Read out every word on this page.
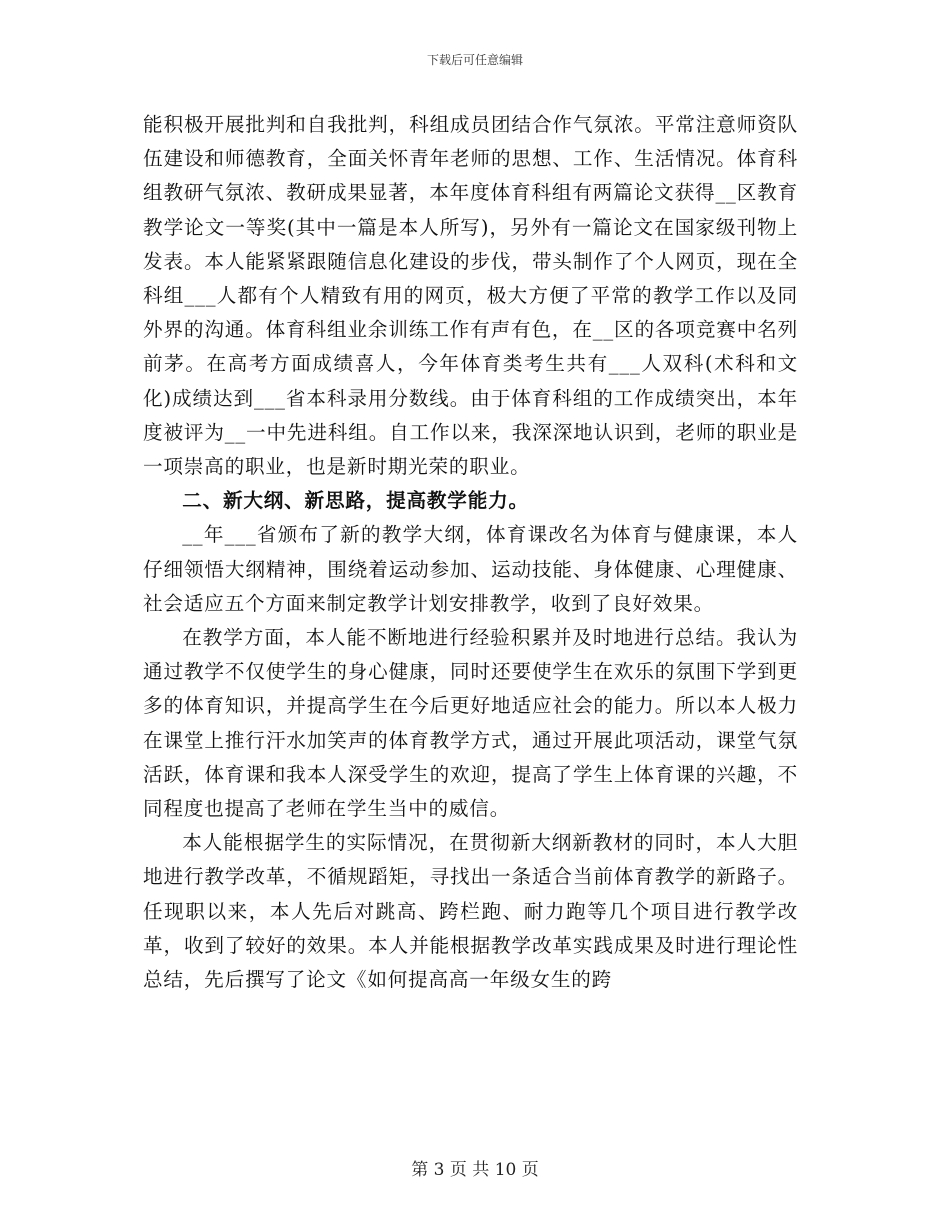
下载后可任意编辑

能积极开展批判和自我批判，科组成员团结合作气氛浓。平常注意师资队伍建设和师德教育，全面关怀青年老师的思想、工作、生活情况。体育科组教研气氛浓、教研成果显著，本年度体育科组有两篇论文获得__区教育教学论文一等奖(其中一篇是本人所写)，另外有一篇论文在国家级刊物上发表。本人能紧紧跟随信息化建设的步伐，带头制作了个人网页，现在全科组___人都有个人精致有用的网页，极大方便了平常的教学工作以及同外界的沟通。体育科组业余训练工作有声有色，在__区的各项竞赛中名列前茅。在高考方面成绩喜人，今年体育类考生共有___人双科(术科和文化)成绩达到___省本科录用分数线。由于体育科组的工作成绩突出，本年度被评为__一中先进科组。自工作以来，我深深地认识到，老师的职业是一项崇高的职业，也是新时期光荣的职业。

二、新大纲、新思路，提高教学能力。

__年___省颁布了新的教学大纲，体育课改名为体育与健康课，本人仔细领悟大纲精神，围绕着运动参加、运动技能、身体健康、心理健康、社会适应五个方面来制定教学计划安排教学，收到了良好效果。

在教学方面，本人能不断地进行经验积累并及时地进行总结。我认为通过教学不仅使学生的身心健康，同时还要使学生在欢乐的氛围下学到更多的体育知识，并提高学生在今后更好地适应社会的能力。所以本人极力在课堂上推行汗水加笑声的体育教学方式，通过开展此项活动，课堂气氛活跃，体育课和我本人深受学生的欢迎，提高了学生上体育课的兴趣，不同程度也提高了老师在学生当中的威信。

本人能根据学生的实际情况，在贯彻新大纲新教材的同时，本人大胆地进行教学改革，不循规蹈矩，寻找出一条适合当前体育教学的新路子。任现职以来，本人先后对跳高、跨栏跑、耐力跑等几个项目进行教学改革，收到了较好的效果。本人并能根据教学改革实践成果及时进行理论性总结，先后撰写了论文《如何提高高一年级女生的跨

第 3 页 共 10 页
